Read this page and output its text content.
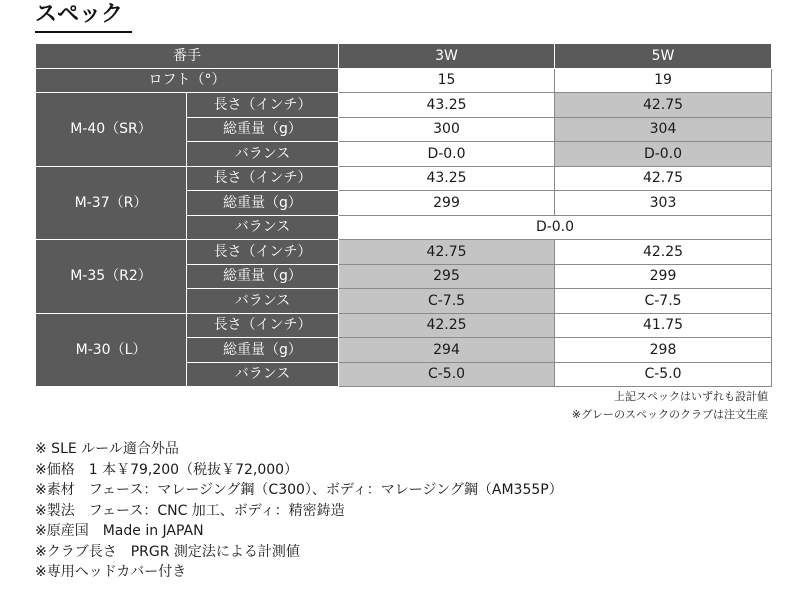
スペック
番手		3W	5W
ロフト（°）		15	19
M-40（SR）	長さ（インチ）	43.25	42.75
	総重量（g）	300	304
	バランス	D-0.0	D-0.0
M-37（R）	長さ（インチ）	43.25	42.75
	総重量（g）	299	303
	バランス	D-0.0	
M-35（R2）	長さ（インチ）	42.75	42.25
	総重量（g）	295	299
	バランス	C-7.5	C-7.5
M-30（L）	長さ（インチ）	42.25	41.75
	総重量（g）	294	298
	バランス	C-5.0	C-5.0
上記スペックはいずれも設計値
※グレーのスペックのクラブは注文生産
※ SLE ルール適合外品
※価格　1 本￥79,200（税抜￥72,000）
※素材　フェース：マレージング鋼（C300）、ボディ：マレージング鋼（AM355P）
※製法　フェース：CNC 加工、ボディ：精密鋳造
※原産国　Made in JAPAN
※クラブ長さ　PRGR 測定法による計測値
※専用ヘッドカバー付き
